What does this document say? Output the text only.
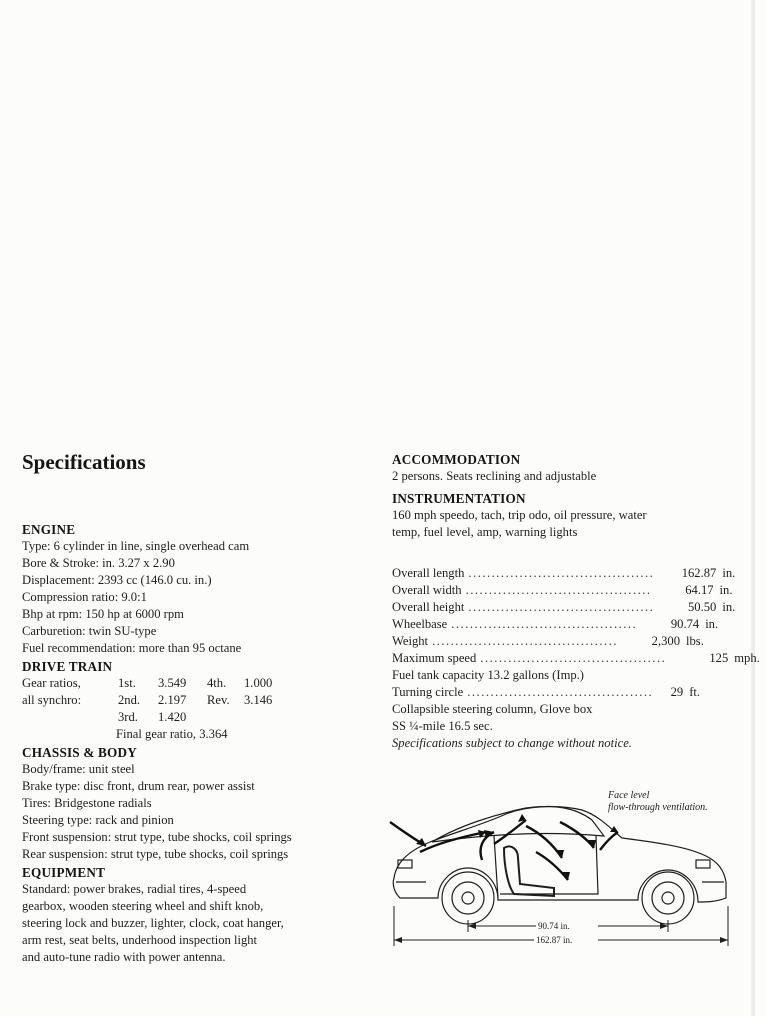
Specifications

ENGINE

Type: 6 cylinder in line, single overhead cam

Bore & Stroke: in. 3.27 x 2.90

Displacement: 2393 cc (146.0 cu. in.)

Compression ratio: 9.0:1

Bhp at rpm: 150 hp at 6000 rpm

Carburetion: twin SU-type

Fuel recommendation: more than 95 octane

DRIVE TRAIN

Gear ratios,
all synchro:
1st. 3.549 4th. 1.000
2nd. 2.197 Rev. 3.146
3rd. 1.420
Final gear ratio, 3.364

CHASSIS & BODY

Body/frame: unit steel

Brake type: disc front, drum rear, power assist

Tires: Bridgestone radials

Steering type: rack and pinion

Front suspension: strut type, tube shocks, coil springs

Rear suspension: strut type, tube shocks, coil springs

EQUIPMENT

Standard: power brakes, radial tires, 4-speed

gearbox, wooden steering wheel and shift knob,

steering lock and buzzer, lighter, clock, coat hanger,

arm rest, seat belts, underhood inspection light

and auto-tune radio with power antenna.

ACCOMMODATION

2 persons. Seats reclining and adjustable

INSTRUMENTATION

160 mph speedo, tach, trip odo, oil pressure, water

temp, fuel level, amp, warning lights

Overall length ........................................	162.87 in.
Overall width ........................................	64.17 in.
Overall height ........................................	50.50 in.
Wheelbase ........................................	90.74 in.
Weight ........................................	2,300 lbs.
Maximum speed ........................................	125 mph.

Fuel tank capacity 13.2 gallons (Imp.)

Turning circle ........................................	29 ft.

Collapsible steering column, Glove box

SS ¼-mile 16.5 sec.

Specifications subject to change without notice.

Face level
flow-through ventilation.
90.74 in.
162.87 in.
